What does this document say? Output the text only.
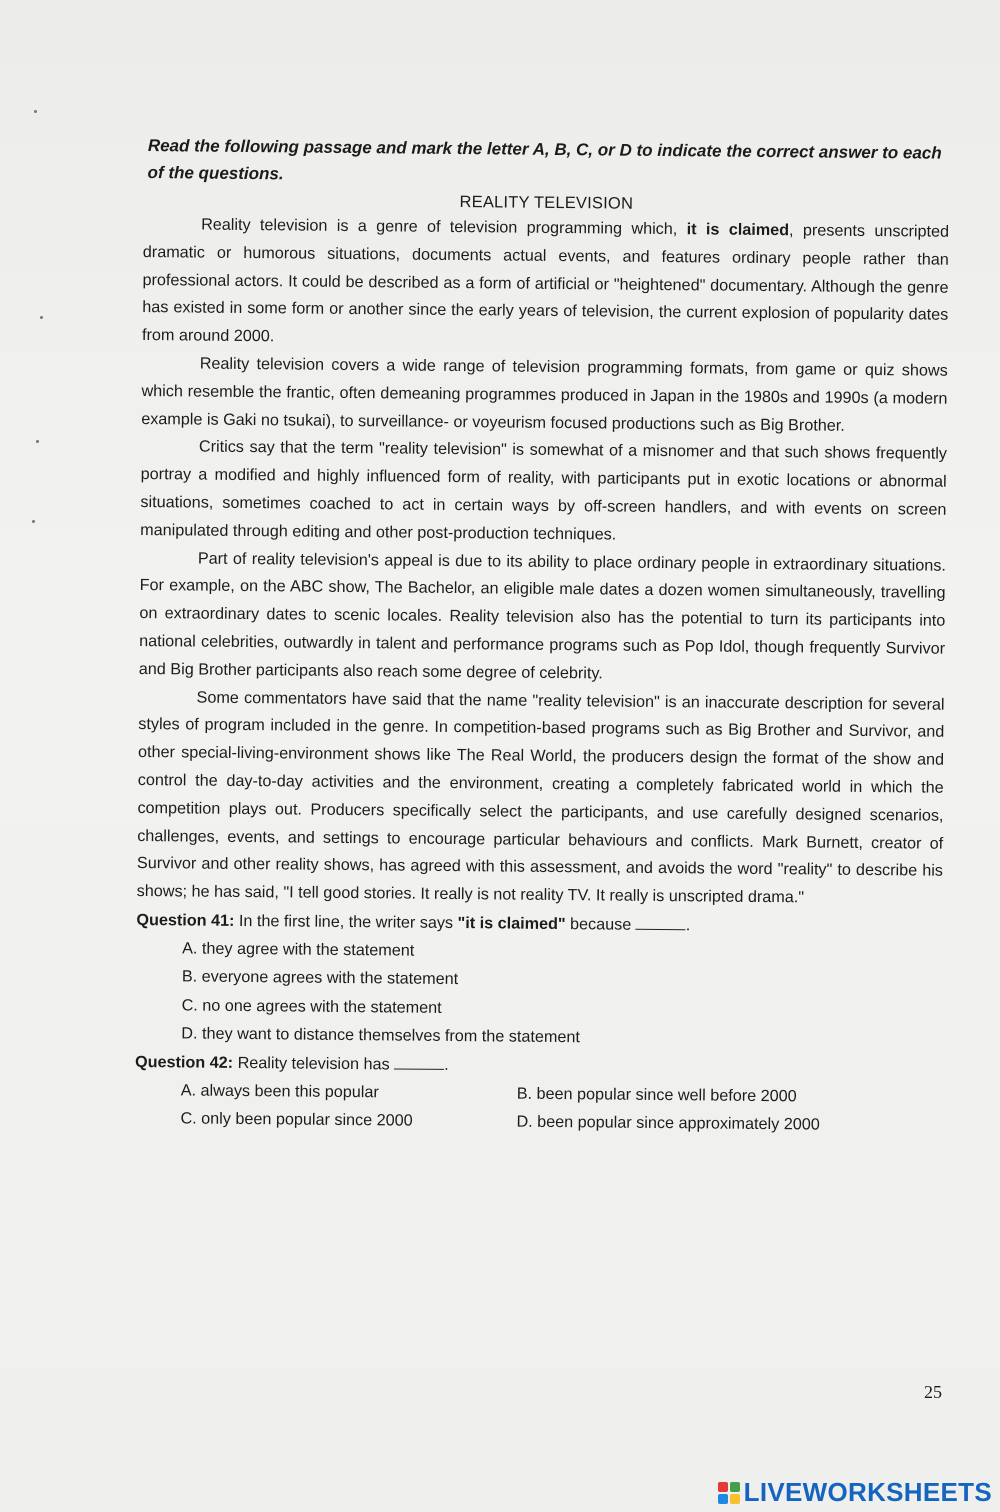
Read the following passage and mark the letter A, B, C, or D to indicate the correct answer to each of the questions.

REALITY TELEVISION

Reality television is a genre of television programming which, it is claimed, presents unscripted dramatic or humorous situations, documents actual events, and features ordinary people rather than professional actors. It could be described as a form of artificial or "heightened" documentary. Although the genre has existed in some form or another since the early years of television, the current explosion of popularity dates from around 2000.

Reality television covers a wide range of television programming formats, from game or quiz shows which resemble the frantic, often demeaning programmes produced in Japan in the 1980s and 1990s (a modern example is Gaki no tsukai), to surveillance- or voyeurism focused productions such as Big Brother.

Critics say that the term "reality television" is somewhat of a misnomer and that such shows frequently portray a modified and highly influenced form of reality, with participants put in exotic locations or abnormal situations, sometimes coached to act in certain ways by off-screen handlers, and with events on screen manipulated through editing and other post-production techniques.

Part of reality television's appeal is due to its ability to place ordinary people in extraordinary situations. For example, on the ABC show, The Bachelor, an eligible male dates a dozen women simultaneously, travelling on extraordinary dates to scenic locales. Reality television also has the potential to turn its participants into national celebrities, outwardly in talent and performance programs such as Pop Idol, though frequently Survivor and Big Brother participants also reach some degree of celebrity.

Some commentators have said that the name "reality television" is an inaccurate description for several styles of program included in the genre. In competition-based programs such as Big Brother and Survivor, and other special-living-environment shows like The Real World, the producers design the format of the show and control the day-to-day activities and the environment, creating a completely fabricated world in which the competition plays out. Producers specifically select the participants, and use carefully designed scenarios, challenges, events, and settings to encourage particular behaviours and conflicts. Mark Burnett, creator of Survivor and other reality shows, has agreed with this assessment, and avoids the word "reality" to describe his shows; he has said, "I tell good stories. It really is not reality TV. It really is unscripted drama."

Question 41: In the first line, the writer says "it is claimed" because	.
A. they agree with the statement
B. everyone agrees with the statement
C. no one agrees with the statement
D. they want to distance themselves from the statement
Question 42: Reality television has	.
A. always been this popular	B. been popular since well before 2000
C. only been popular since 2000	D. been popular since approximately 2000
25
LIVEWORKSHEETS
